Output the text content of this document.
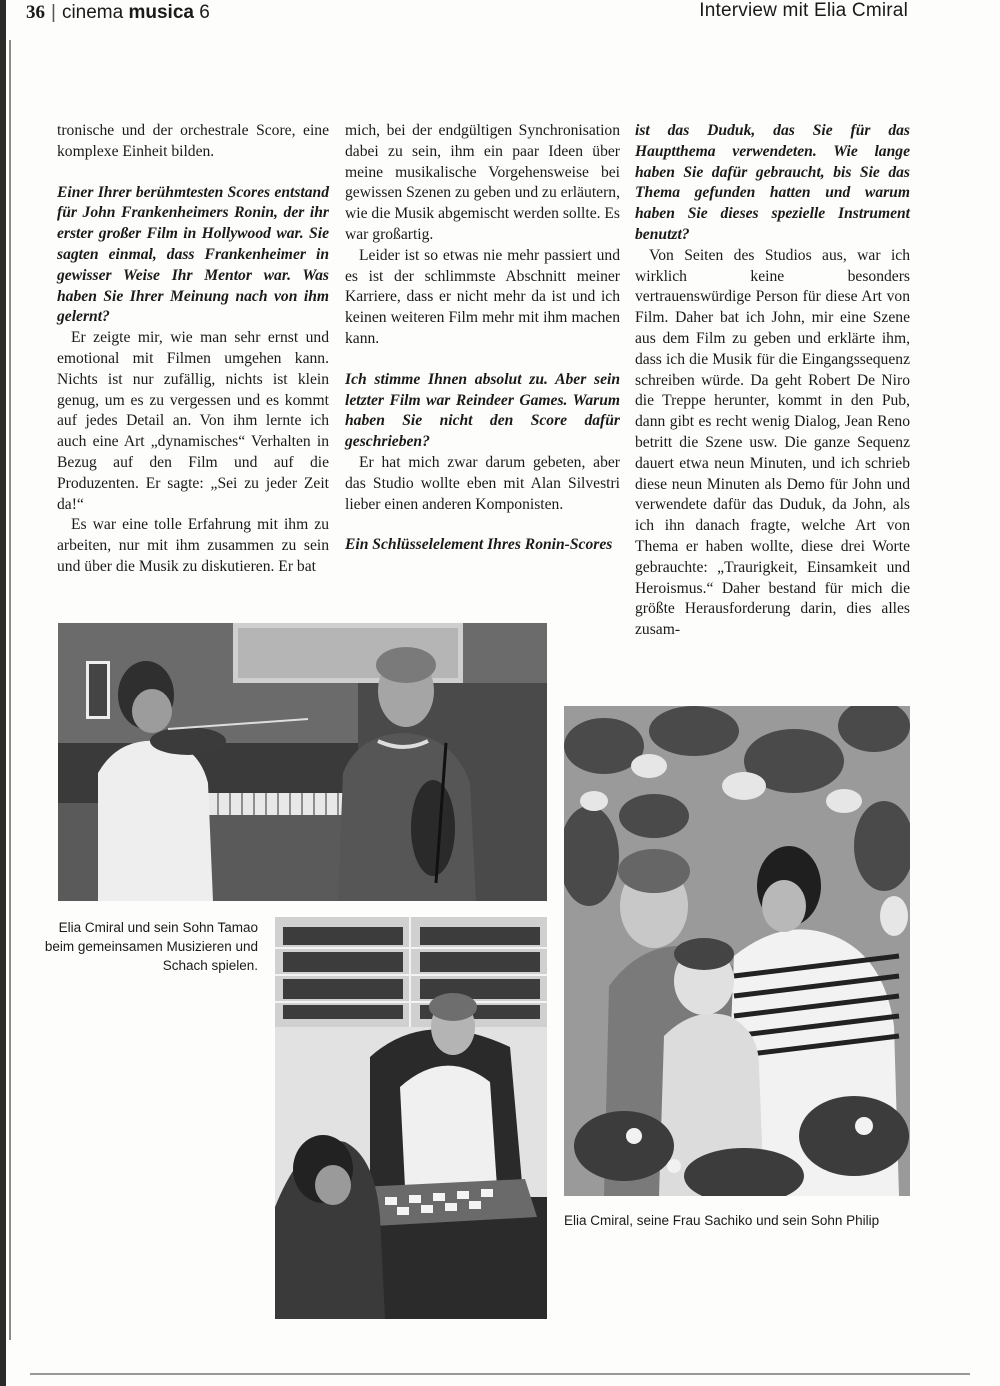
36 | cinema musica 6	Interview mit Elia Cmiral

tronische und der orchestrale Score, eine komplexe Einheit bilden.

Einer Ihrer berühmtesten Scores entstand für John Frankenheimers Ronin, der ihr erster großer Film in Hollywood war. Sie sagten einmal, dass Frankenheimer in gewisser Weise Ihr Mentor war. Was haben Sie Ihrer Meinung nach von ihm gelernt?

Er zeigte mir, wie man sehr ernst und emotional mit Filmen umgehen kann. Nichts ist nur zufällig, nichts ist klein genug, um es zu vergessen und es kommt auf jedes Detail an. Von ihm lernte ich auch eine Art „dynamisches“ Verhalten in Bezug auf den Film und auf die Produzenten. Er sagte: „Sei zu jeder Zeit da!“

Es war eine tolle Erfahrung mit ihm zu arbeiten, nur mit ihm zusammen zu sein und über die Musik zu diskutieren. Er bat

mich, bei der endgültigen Synchronisation dabei zu sein, ihm ein paar Ideen über meine musikalische Vorgehensweise bei gewissen Szenen zu geben und zu erläutern, wie die Musik abgemischt werden sollte. Es war großartig.

Leider ist so etwas nie mehr passiert und es ist der schlimmste Abschnitt meiner Karriere, dass er nicht mehr da ist und ich keinen weiteren Film mehr mit ihm machen kann.

Ich stimme Ihnen absolut zu. Aber sein letzter Film war Reindeer Games. Warum haben Sie nicht den Score dafür geschrieben?

Er hat mich zwar darum gebeten, aber das Studio wollte eben mit Alan Silvestri lieber einen anderen Komponisten.

Ein Schlüsselelement Ihres Ronin-Scores

ist das Duduk, das Sie für das Hauptthema verwendeten. Wie lange haben Sie dafür gebraucht, bis Sie das Thema gefunden hatten und warum haben Sie dieses spezielle Instrument benutzt?

Von Seiten des Studios aus, war ich wirklich keine besonders vertrauenswürdige Person für diese Art von Film. Daher bat ich John, mir eine Szene aus dem Film zu geben und erklärte ihm, dass ich die Musik für die Eingangssequenz schreiben würde. Da geht Robert De Niro die Treppe herunter, kommt in den Pub, dann gibt es recht wenig Dialog, Jean Reno betritt die Szene usw. Die ganze Sequenz dauert etwa neun Minuten, und ich schrieb diese neun Minuten als Demo für John und verwendete dafür das Duduk, da John, als ich ihn danach fragte, welche Art von Thema er haben wollte, diese drei Worte gebrauchte: „Traurigkeit, Einsamkeit und Heroismus.“ Daher bestand für mich die größte Herausforderung darin, dies alles zusam-

Elia Cmiral und sein Sohn Tamao beim gemeinsamen Musizieren und Schach spielen.
Elia Cmiral, seine Frau Sachiko und sein Sohn Philip
